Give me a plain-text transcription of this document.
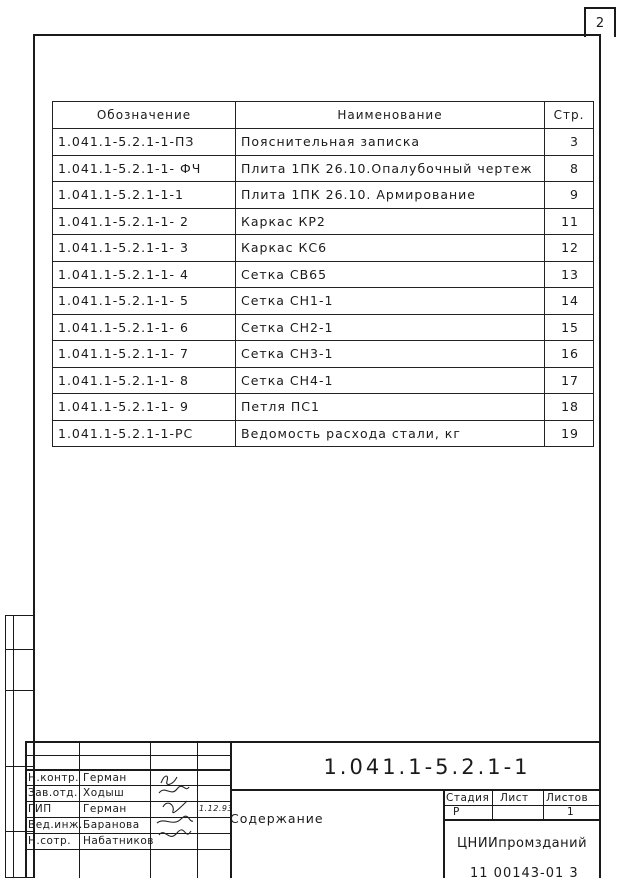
2
Обозначение	Наименование	Стр.
1.041.1-5.2.1-1-ПЗ	Пояснительная записка	3
1.041.1-5.2.1-1- ФЧ	Плита 1ПК 26.10.Опалубочный чертеж	8
1.041.1-5.2.1-1-1	Плита 1ПК 26.10. Армирование	9
1.041.1-5.2.1-1- 2	Каркас КР2	11
1.041.1-5.2.1-1- 3	Каркас КС6	12
1.041.1-5.2.1-1- 4	Сетка СВ65	13
1.041.1-5.2.1-1- 5	Сетка СН1-1	14
1.041.1-5.2.1-1- 6	Сетка СН2-1	15
1.041.1-5.2.1-1- 7	Сетка СН3-1	16
1.041.1-5.2.1-1- 8	Сетка СН4-1	17
1.041.1-5.2.1-1- 9	Петля ПС1	18
1.041.1-5.2.1-1-РС	Ведомость расхода стали, кг	19
Н.контр. Герман
Зав.отд. Ходыш
ГИП	Герман
Вед.инж. Баранова
Н.сотр. Набатников
1.12.93
1.041.1-5.2.1-1
Содержание
Стадия Лист Листов
Р	1
ЦНИИпромзданий
11 00143-01 3
